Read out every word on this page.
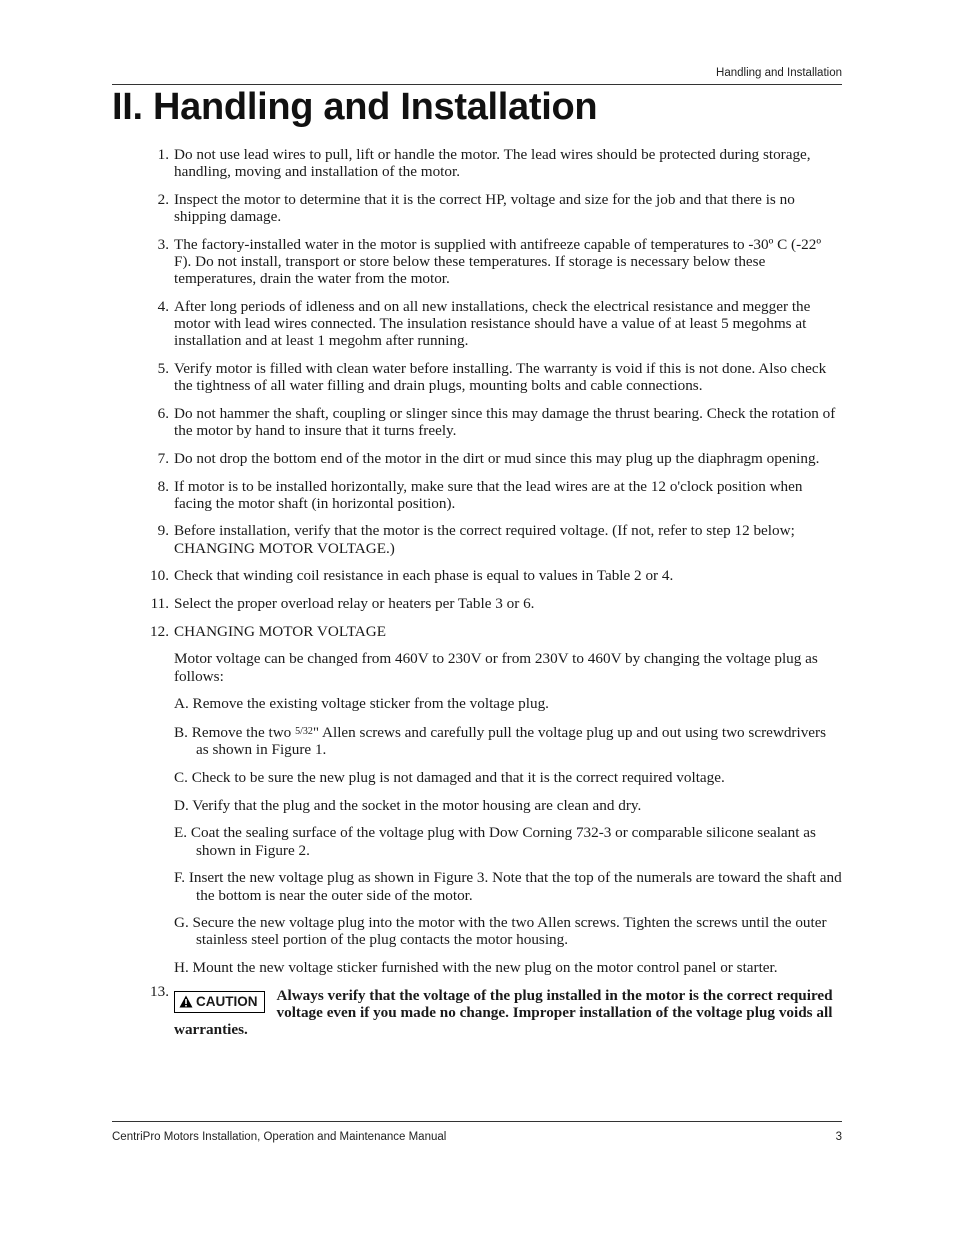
Handling and Installation
II. Handling and Installation
1. Do not use lead wires to pull, lift or handle the motor. The lead wires should be protected during storage, handling, moving and installation of the motor.
2. Inspect the motor to determine that it is the correct HP, voltage and size for the job and that there is no shipping damage.
3. The factory-installed water in the motor is supplied with antifreeze capable of temperatures to -30º C (-22º F). Do not install, transport or store below these temperatures. If storage is necessary below these temperatures, drain the water from the motor.
4. After long periods of idleness and on all new installations, check the electrical resistance and megger the motor with lead wires connected. The insulation resistance should have a value of at least 5 megohms at installation and at least 1 megohm after running.
5. Verify motor is filled with clean water before installing. The warranty is void if this is not done. Also check the tightness of all water filling and drain plugs, mounting bolts and cable connections.
6. Do not hammer the shaft, coupling or slinger since this may damage the thrust bearing. Check the rotation of the motor by hand to insure that it turns freely.
7. Do not drop the bottom end of the motor in the dirt or mud since this may plug up the diaphragm opening.
8. If motor is to be installed horizontally, make sure that the lead wires are at the 12 o'clock position when facing the motor shaft (in horizontal position).
9. Before installation, verify that the motor is the correct required voltage. (If not, refer to step 12 below; CHANGING MOTOR VOLTAGE.)
10. Check that winding coil resistance in each phase is equal to values in Table 2 or 4.
11. Select the proper overload relay or heaters per Table 3 or 6.
12. CHANGING MOTOR VOLTAGE

Motor voltage can be changed from 460V to 230V or from 230V to 460V by changing the voltage plug as follows:

A. Remove the existing voltage sticker from the voltage plug.
B. Remove the two 5/32" Allen screws and carefully pull the voltage plug up and out using two screwdrivers as shown in Figure 1.
C. Check to be sure the new plug is not damaged and that it is the correct required voltage.
D. Verify that the plug and the socket in the motor housing are clean and dry.
E. Coat the sealing surface of the voltage plug with Dow Corning 732-3 or comparable silicone sealant as shown in Figure 2.
F. Insert the new voltage plug as shown in Figure 3. Note that the top of the numerals are toward the shaft and the bottom is near the outer side of the motor.
G. Secure the new voltage plug into the motor with the two Allen screws. Tighten the screws until the outer stainless steel portion of the plug contacts the motor housing.
H. Mount the new voltage sticker furnished with the new plug on the motor control panel or starter.
13.
CAUTION	Always verify that the voltage of the plug installed in the motor is the correct required voltage even if you made no change. Improper installation of the voltage plug voids all warranties.
CentriPro Motors Installation, Operation and Maintenance Manual	3
